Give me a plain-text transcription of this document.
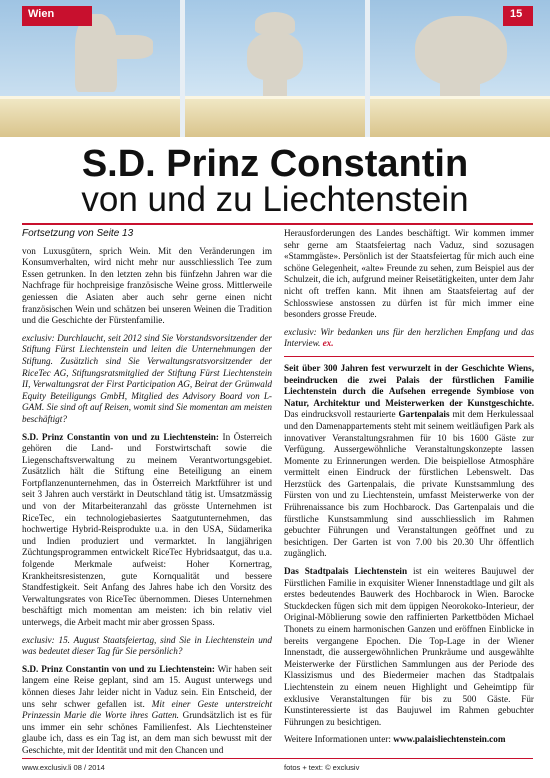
Wien	15
S.D. Prinz Constantin
von und zu Liechtenstein
Fortsetzung von Seite 13

von Luxusgütern, sprich Wein. Mit den Veränderungen im Konsumverhalten, wird nicht mehr nur ausschliesslich Tee zum Essen getrunken. In den letzten zehn bis fünfzehn Jahren war die Nachfrage für hochpreisige französische Weine gross. Mittlerweile geniessen die Asiaten aber auch sehr gerne einen nicht französischen Wein und schätzen bei unseren Weinen die Tradition und die Geschichte der Fürstenfamilie.

exclusiv: Durchlaucht, seit 2012 sind Sie Vorstandsvorsitzender der Stiftung Fürst Liechtenstein und leiten die Unternehmungen der Stiftung. Zusätzlich sind Sie Verwaltungsratsvorsitzender der RiceTec AG, Stiftungsratsmitglied der Stiftung Fürst Liechtenstein II, Verwaltungsrat der First Participation AG, Beirat der Grünwald Equity Beteiligungs GmbH, Mitglied des Advisory Board von L-GAM. Sie sind oft auf Reisen, womit sind Sie momentan am meisten beschäftigt?

S.D. Prinz Constantin von und zu Liechtenstein: In Österreich gehören die Land- und Forstwirtschaft sowie die Liegenschaftsverwaltung zu meinem Verantwortungsgebiet. Zusätzlich hält die Stiftung eine Beteiligung an einem Fortpflanzenunternehmen, das in Österreich Marktführer ist und seit 3 Jahren auch verstärkt in Deutschland tätig ist. Umsatzmässig und von der Mitarbeiteranzahl das grösste Unternehmen ist RiceTec, ein technologiebasiertes Saatgutunternehmen, das hochwertige Hybrid-Reisprodukte u.a. in den USA, Südamerika und Indien produziert und vermarktet. In langjährigen Züchtungsprogrammen entwickelt RiceTec Hybridsaatgut, das u.a. folgende Merkmale aufweist: Hoher Kornertrag, Krankheitsresistenzen, gute Kornqualität und bessere Standfestigkeit. Seit Anfang des Jahres habe ich den Vorsitz des Verwaltungsrates von RiceTec übernommen. Dieses Unternehmen beschäftigt mich momentan am meisten: ich bin relativ viel unterwegs, die Arbeit macht mir aber grossen Spass.

exclusiv: 15. August Staatsfeiertag, sind Sie in Liechtenstein und was bedeutet dieser Tag für Sie persönlich?

S.D. Prinz Constantin von und zu Liechtenstein: Wir haben seit langem eine Reise geplant, sind am 15. August unterwegs und können dieses Jahr leider nicht in Vaduz sein. Ein Entscheid, der uns sehr schwer gefallen ist. Mit einer Geste unterstreicht Prinzessin Marie die Worte ihres Gatten. Grundsätzlich ist es für uns immer ein sehr schönes Familienfest. Als Liechtensteiner glaube ich, dass es ein Tag ist, an dem man sich bewusst mit der Geschichte, mit der Identität und mit den Chancen und

Herausforderungen des Landes beschäftigt. Wir kommen immer sehr gerne am Staatsfeiertag nach Vaduz, sind sozusagen «Stammgäste». Persönlich ist der Staatsfeiertag für mich auch eine schöne Gelegenheit, «alte» Freunde zu sehen, zum Beispiel aus der Schulzeit, die ich, aufgrund meiner Reisetätigkeiten, unter dem Jahr nicht oft treffen kann. Mit ihnen am Staatsfeiertag auf der Schlosswiese anstossen zu dürfen ist für mich immer eine besonders grosse Freude.

exclusiv: Wir bedanken uns für den herzlichen Empfang und das Interview. ex.

Seit über 300 Jahren fest verwurzelt in der Geschichte Wiens, beeindrucken die zwei Palais der fürstlichen Familie Liechtenstein durch die Aufsehen erregende Symbiose von Natur, Architektur und Meisterwerken der Kunstgeschichte. Das eindrucksvoll restaurierte Gartenpalais mit dem Herkulessaal und den Damenappartements steht mit seinem weitläufigen Park als innovativer Veranstaltungsrahmen für 10 bis 1600 Gäste zur Verfügung. Aussergewöhnliche Veranstaltungskonzepte lassen Momente zu Erinnerungen werden. Die beispiellose Atmosphäre vermittelt einen Eindruck der fürstlichen Lebenswelt. Das Herzstück des Gartenpalais, die private Kunstsammlung des Fürsten von und zu Liechtenstein, umfasst Meisterwerke von der Frührenaissance bis zum Hochbarock. Das Gartenpalais und die fürstliche Kunstsammlung sind ausschliesslich im Rahmen gebuchter Führungen und Veranstaltungen geöffnet und zu besichtigen. Der Garten ist von 7.00 bis 20.30 Uhr öffentlich zugänglich.

Das Stadtpalais Liechtenstein ist ein weiteres Baujuwel der Fürstlichen Familie in exquisiter Wiener Innenstadtlage und gilt als erstes bedeutendes Bauwerk des Hochbarock in Wien. Barocke Stuckdecken fügen sich mit dem üppigen Neorokoko-Interieur, der Original-Möblierung sowie den raffinierten Parkettböden Michael Thonets zu einem harmonischen Ganzen und eröffnen Einblicke in bereits vergangene Epochen. Die Top-Lage in der Wiener Innenstadt, die aussergewöhnlichen Prunkräume und ausgewählte Meisterwerke der Fürstlichen Sammlungen aus der Periode des Klassizismus und des Biedermeier machen das Stadtpalais Liechtenstein zu einem neuen Highlight und Geheimtipp für exklusive Veranstaltungen für bis zu 500 Gäste. Für Kunstinteressierte ist das Baujuwel im Rahmen gebuchter Führungen zu besichtigen.

Weitere Informationen unter: www.palaisliechtenstein.com

www.exclusiv.li 08 / 2014	fotos + text: © exclusiv
